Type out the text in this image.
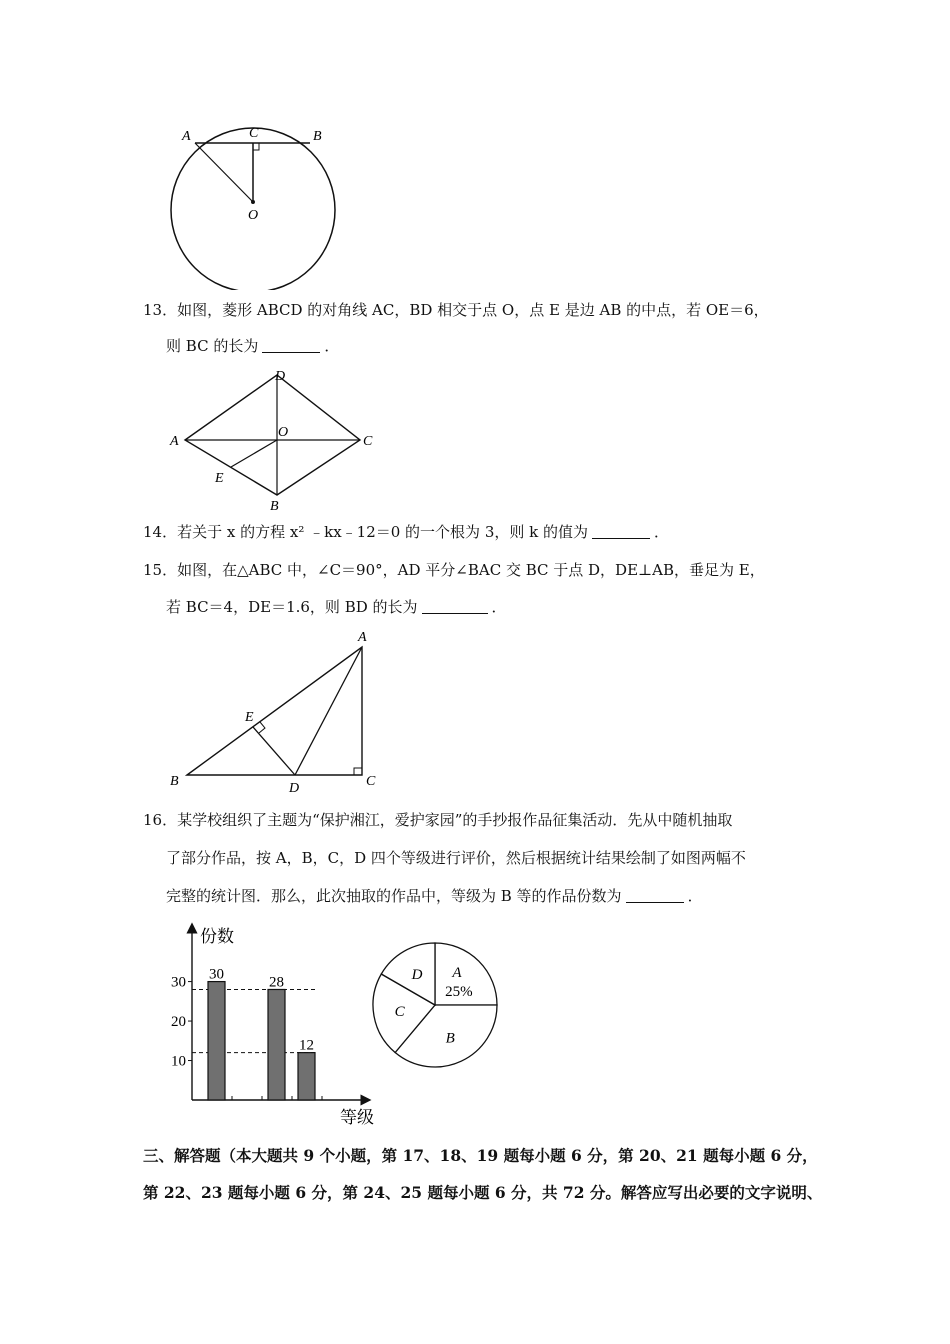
A	C	B
O
13．如图，菱形 ABCD 的对角线 AC，BD 相交于点 O，点 E 是边 AB 的中点，若 OE＝6，
则 BC 的长为	．
A
D
O
C
E
B
14．若关于 x 的方程 x² ﹣kx﹣12＝0 的一个根为 3，则 k 的值为	．
15．如图，在△ABC 中，∠C＝90°，AD 平分∠BAC 交 BC 于点 D，DE⊥AB，垂足为 E，
若 BC＝4，DE＝1.6，则 BD 的长为	．
A
E
B	D	C
16．某学校组织了主题为“保护湘江，爱护家园”的手抄报作品征集活动．先从中随机抽取
了部分作品，按 A，B，C，D 四个等级进行评价，然后根据统计结果绘制了如图两幅不
完整的统计图．那么，此次抽取的作品中，等级为 B 等的作品份数为	．
份数
等级
10
20
30 30	28
12
A
25%
B
C
D
三、解答题（本大题共 9 个小题，第 17、18、19 题每小题 6 分，第 20、21 题每小题 6 分，
第 22、23 题每小题 6 分，第 24、25 题每小题 6 分，共 72 分。解答应写出必要的文字说明、
